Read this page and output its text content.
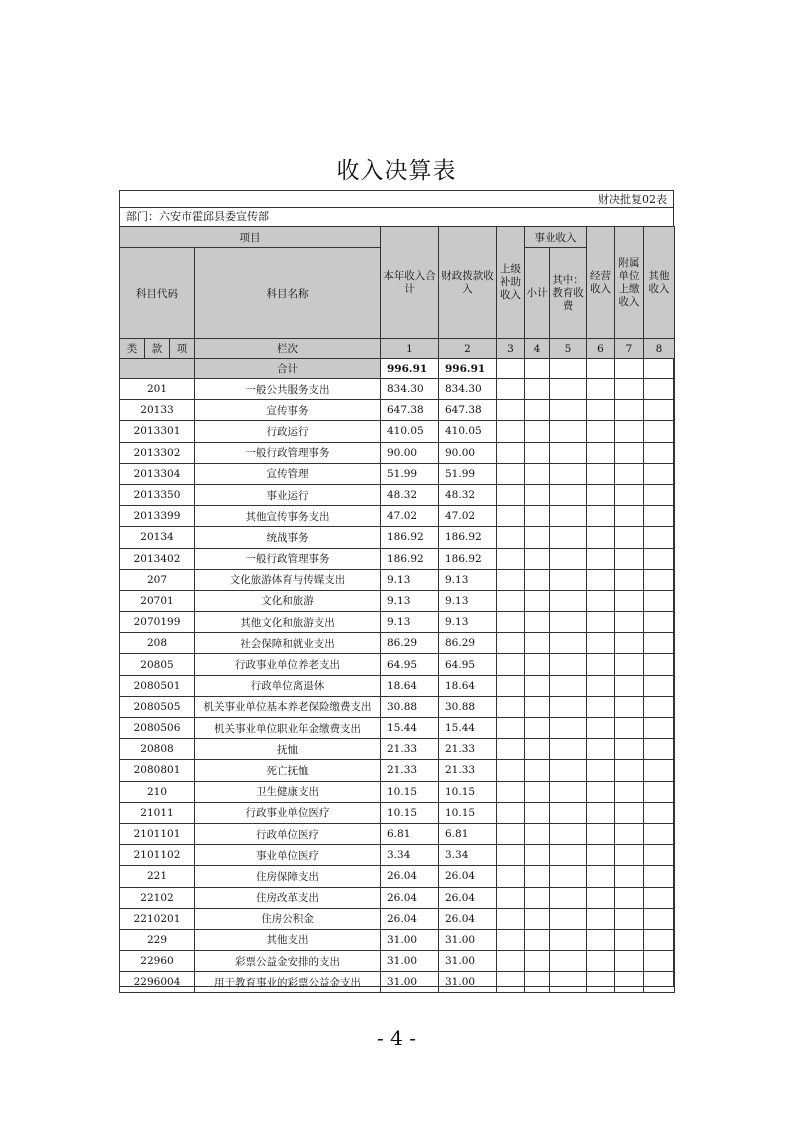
收入决算表
财决批复02表
部门：六安市霍邱县委宣传部
项目				本年收入合计	财政拨款收入	上级补助收入	事业收入		经营收入	附属单位上缴收入	其他收入
科目代码			科目名称				小计	其中：教育收费			
类	款	项	栏次	1	2	3	4	5	6	7	8
			合计	996.91	996.91						
201			一般公共服务支出	834.30	834.30						
20133			宣传事务	647.38	647.38						
2013301			行政运行	410.05	410.05						
2013302			一般行政管理事务	90.00	90.00						
2013304			宣传管理	51.99	51.99						
2013350			事业运行	48.32	48.32						
2013399			其他宣传事务支出	47.02	47.02						
20134			统战事务	186.92	186.92						
2013402			一般行政管理事务	186.92	186.92						
207			文化旅游体育与传媒支出	9.13	9.13						
20701			文化和旅游	9.13	9.13						
2070199			其他文化和旅游支出	9.13	9.13						
208			社会保障和就业支出	86.29	86.29						
20805			行政事业单位养老支出	64.95	64.95						
2080501			行政单位离退休	18.64	18.64						
2080505			机关事业单位基本养老保险缴费支出	30.88	30.88						
2080506			机关事业单位职业年金缴费支出	15.44	15.44						
20808			抚恤	21.33	21.33						
2080801			死亡抚恤	21.33	21.33						
210			卫生健康支出	10.15	10.15						
21011			行政事业单位医疗	10.15	10.15						
2101101			行政单位医疗	6.81	6.81						
2101102			事业单位医疗	3.34	3.34						
221			住房保障支出	26.04	26.04						
22102			住房改革支出	26.04	26.04						
2210201			住房公积金	26.04	26.04						
229			其他支出	31.00	31.00						
22960			彩票公益金安排的支出	31.00	31.00						
2296004			用于教育事业的彩票公益金支出	31.00	31.00						
- 4 -
